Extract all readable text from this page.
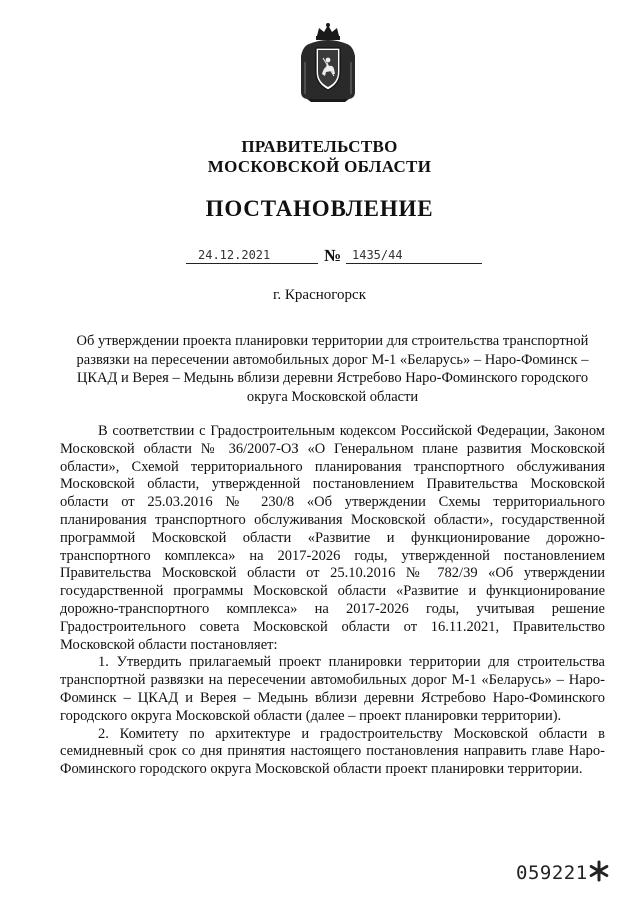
ПРАВИТЕЛЬСТВО
МОСКОВСКОЙ ОБЛАСТИ
ПОСТАНОВЛЕНИЕ
24.12.2021	№ 1435/44
г. Красногорск
Об утверждении проекта планировки территории для строительства транспортной развязки на пересечении автомобильных дорог М-1 «Беларусь» – Наро-Фоминск – ЦКАД и Верея – Медынь вблизи деревни Ястребово Наро-Фоминского городского округа Московской области

В соответствии с Градостроительным кодексом Российской Федерации, Законом Московской области № 36/2007-ОЗ «О Генеральном плане развития Московской области», Схемой территориального планирования транспортного обслуживания Московской области, утвержденной постановлением Правительства Московской области от 25.03.2016 № 230/8 «Об утверждении Схемы территориального планирования транспортного обслуживания Московской области», государственной программой Московской области «Развитие и функционирование дорожно-транспортного комплекса» на 2017-2026 годы, утвержденной постановлением Правительства Московской области от 25.10.2016 № 782/39 «Об утверждении государственной программы Московской области «Развитие и функционирование дорожно-транспортного комплекса» на 2017-2026 годы, учитывая решение Градостроительного совета Московской области от 16.11.2021, Правительство Московской области постановляет:

1. Утвердить прилагаемый проект планировки территории для строительства транспортной развязки на пересечении автомобильных дорог М-1 «Беларусь» – Наро-Фоминск – ЦКАД и Верея – Медынь вблизи деревни Ястребово Наро-Фоминского городского округа Московской области (далее – проект планировки территории).

2. Комитету по архитектуре и градостроительству Московской области в семидневный срок со дня принятия настоящего постановления направить главе Наро-Фоминского городского округа Московской области проект планировки территории.

059221
